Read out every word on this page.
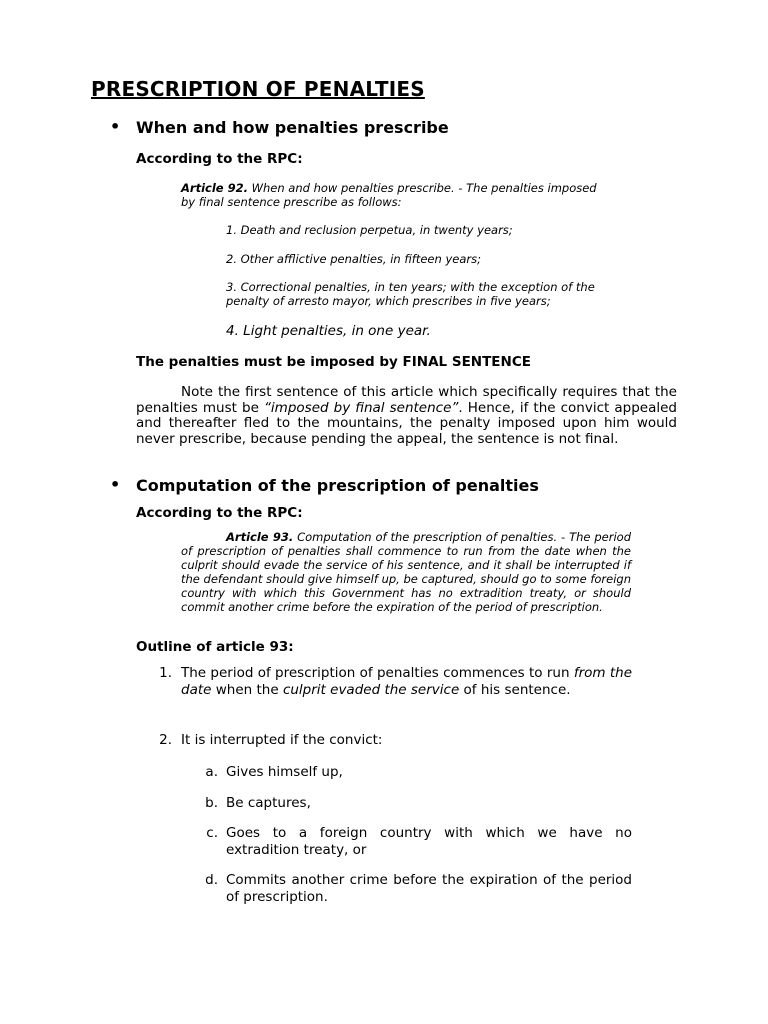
PRESCRIPTION OF PENALTIES
• When and how penalties prescribe
According to the RPC:
Article 92. When and how penalties prescribe. - The penalties imposed by final sentence prescribe as follows:
1. Death and reclusion perpetua, in twenty years;
2. Other afflictive penalties, in fifteen years;
3. Correctional penalties, in ten years; with the exception of the penalty of arresto mayor, which prescribes in five years;
4. Light penalties, in one year.
The penalties must be imposed by FINAL SENTENCE
Note the first sentence of this article which specifically requires that the penalties must be “imposed by final sentence”. Hence, if the convict appealed and thereafter fled to the mountains, the penalty imposed upon him would never prescribe, because pending the appeal, the sentence is not final.
• Computation of the prescription of penalties
According to the RPC:
Article 93. Computation of the prescription of penalties. - The period of prescription of penalties shall commence to run from the date when the culprit should evade the service of his sentence, and it shall be interrupted if the defendant should give himself up, be captured, should go to some foreign country with which this Government has no extradition treaty, or should commit another crime before the expiration of the period of prescription.
Outline of article 93:
1. The period of prescription of penalties commences to run from the date when the culprit evaded the service of his sentence.
2. It is interrupted if the convict:
a. Gives himself up,
b. Be captures,
c. Goes to a foreign country with which we have no extradition treaty, or
d. Commits another crime before the expiration of the period of prescription.
